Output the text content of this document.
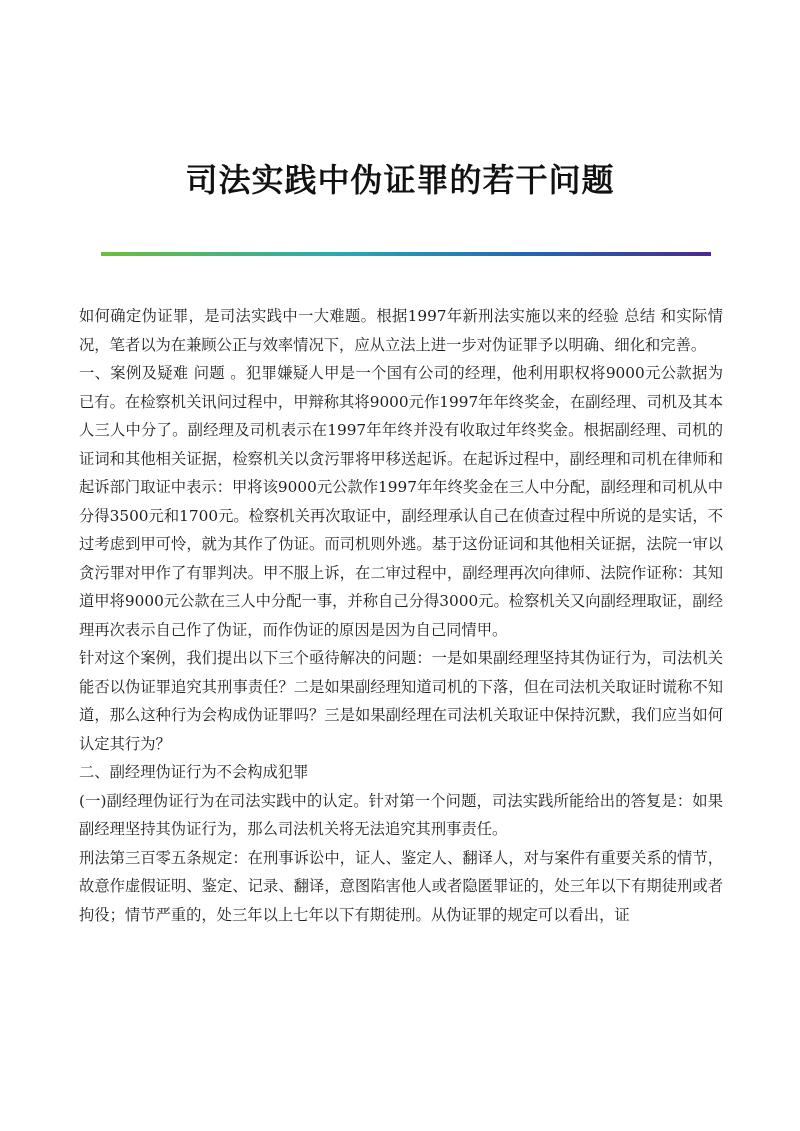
司法实践中伪证罪的若干问题

如何确定伪证罪，是司法实践中一大难题。根据1997年新刑法实施以来的经验 总结 和实际情况，笔者以为在兼顾公正与效率情况下，应从立法上进一步对伪证罪予以明确、细化和完善。

一、案例及疑难 问题 。犯罪嫌疑人甲是一个国有公司的经理，他利用职权将9000元公款据为已有。在检察机关讯问过程中，甲辩称其将9000元作1997年年终奖金，在副经理、司机及其本人三人中分了。副经理及司机表示在1997年年终并没有收取过年终奖金。根据副经理、司机的证词和其他相关证据，检察机关以贪污罪将甲移送起诉。在起诉过程中，副经理和司机在律师和起诉部门取证中表示：甲将该9000元公款作1997年年终奖金在三人中分配，副经理和司机从中分得3500元和1700元。检察机关再次取证中，副经理承认自己在侦查过程中所说的是实话，不过考虑到甲可怜，就为其作了伪证。而司机则外逃。基于这份证词和其他相关证据，法院一审以贪污罪对甲作了有罪判决。甲不服上诉，在二审过程中，副经理再次向律师、法院作证称：其知道甲将9000元公款在三人中分配一事，并称自己分得3000元。检察机关又向副经理取证，副经理再次表示自己作了伪证，而作伪证的原因是因为自己同情甲。

针对这个案例，我们提出以下三个亟待解决的问题：一是如果副经理坚持其伪证行为，司法机关能否以伪证罪追究其刑事责任？二是如果副经理知道司机的下落，但在司法机关取证时谎称不知道，那么这种行为会构成伪证罪吗？三是如果副经理在司法机关取证中保持沉默，我们应当如何认定其行为？

二、副经理伪证行为不会构成犯罪

(一)副经理伪证行为在司法实践中的认定。针对第一个问题，司法实践所能给出的答复是：如果副经理坚持其伪证行为，那么司法机关将无法追究其刑事责任。

刑法第三百零五条规定：在刑事诉讼中，证人、鉴定人、翻译人，对与案件有重要关系的情节，故意作虚假证明、鉴定、记录、翻译，意图陷害他人或者隐匿罪证的，处三年以下有期徒刑或者拘役；情节严重的，处三年以上七年以下有期徒刑。从伪证罪的规定可以看出，证
